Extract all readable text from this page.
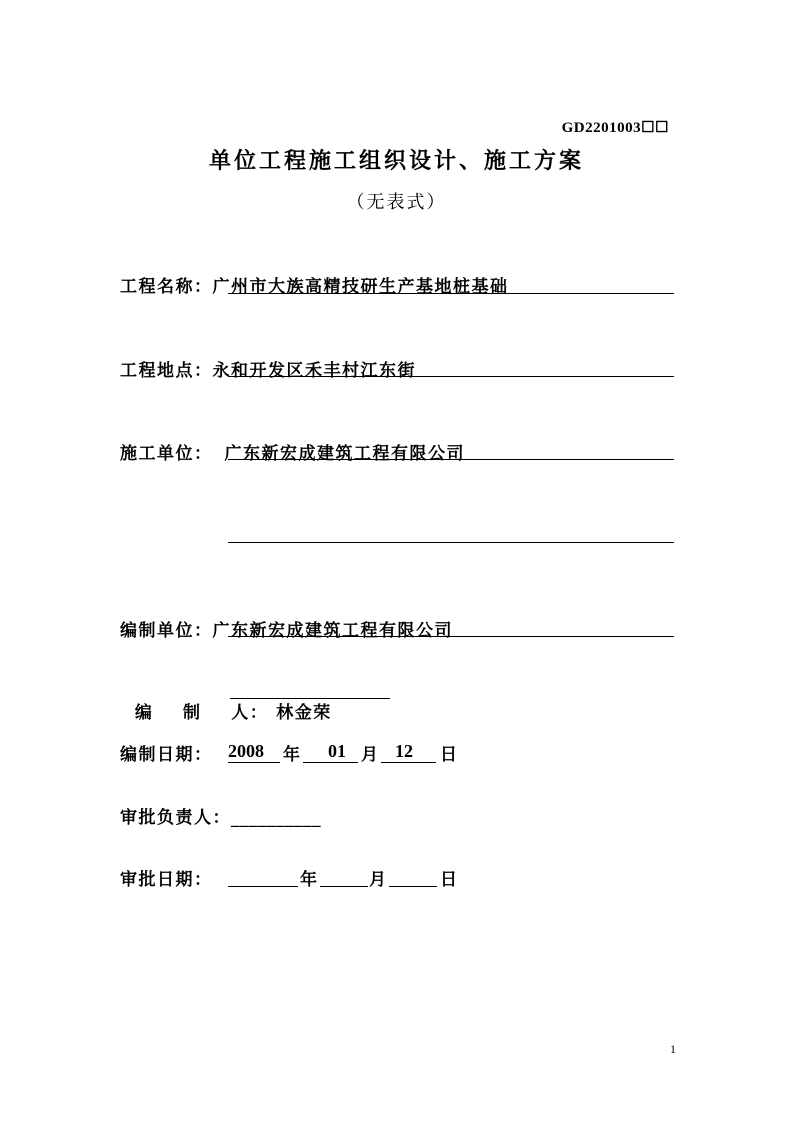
GD2201003☐☐
单位工程施工组织设计、施工方案
（无表式）
工程名称：广州市大族高精技研生产基地桩基础
工程地点：永和开发区禾丰村江东街
施工单位： 广东新宏成建筑工程有限公司
编制单位：广东新宏成建筑工程有限公司

编    制    人： 林金荣

编制日期： 2008 年 01 月 12 日
审批负责人：__________
审批日期：	年	月	日
1
